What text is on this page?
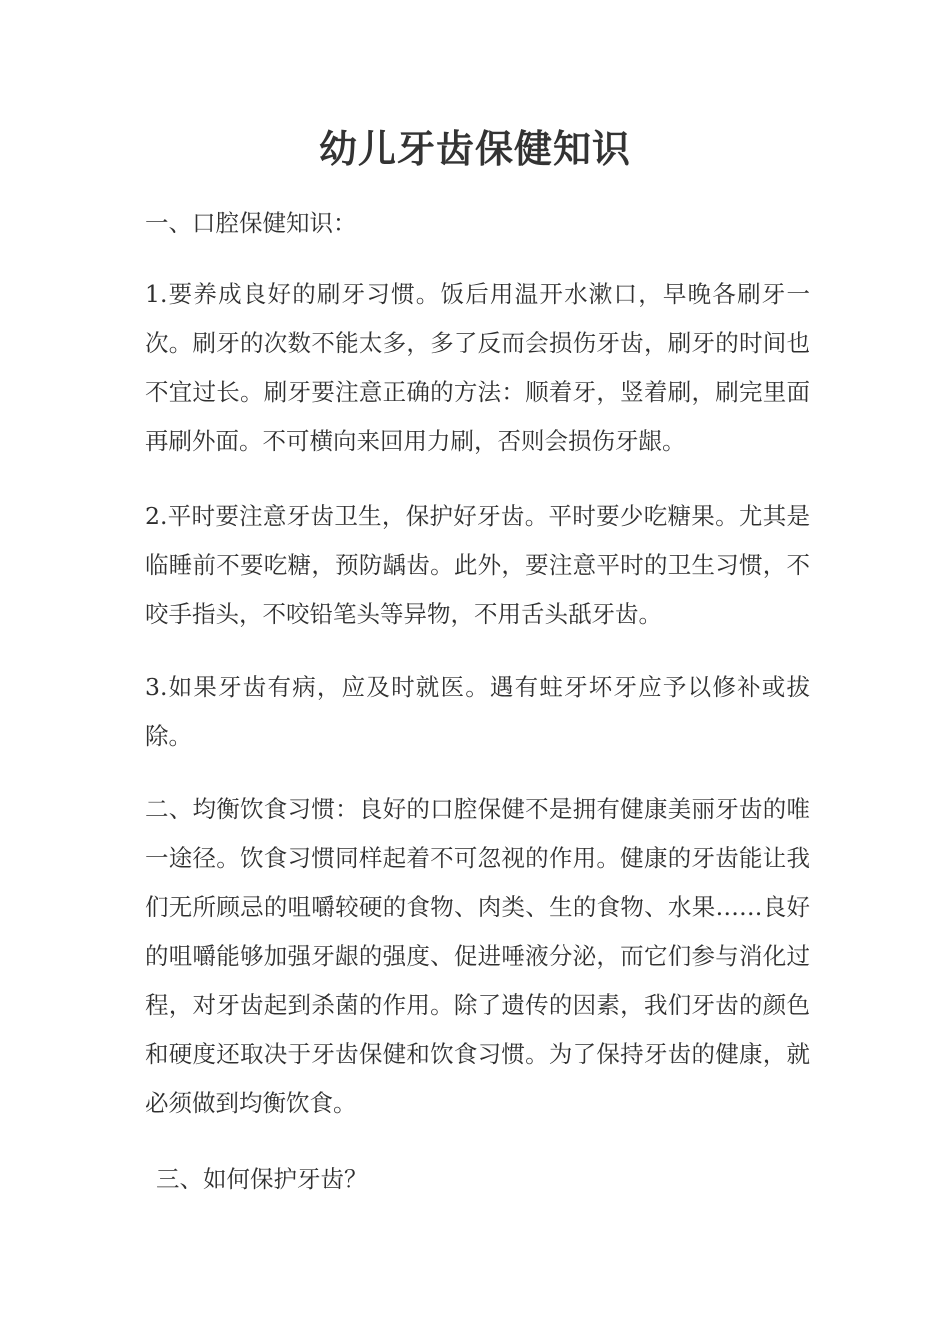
幼儿牙齿保健知识
一、口腔保健知识：
1.要养成良好的刷牙习惯。饭后用温开水漱口，早晚各刷牙一次。刷牙的次数不能太多，多了反而会损伤牙齿，刷牙的时间也不宜过长。刷牙要注意正确的方法：顺着牙，竖着刷，刷完里面再刷外面。不可横向来回用力刷，否则会损伤牙龈。
2.平时要注意牙齿卫生，保护好牙齿。平时要少吃糖果。尤其是临睡前不要吃糖，预防龋齿。此外，要注意平时的卫生习惯，不咬手指头，不咬铅笔头等异物，不用舌头舐牙齿。
3.如果牙齿有病，应及时就医。遇有蛀牙坏牙应予以修补或拔除。
二、均衡饮食习惯：良好的口腔保健不是拥有健康美丽牙齿的唯一途径。饮食习惯同样起着不可忽视的作用。健康的牙齿能让我们无所顾忌的咀嚼较硬的食物、肉类、生的食物、水果……良好的咀嚼能够加强牙龈的强度、促进唾液分泌，而它们参与消化过程，对牙齿起到杀菌的作用。除了遗传的因素，我们牙齿的颜色和硬度还取决于牙齿保健和饮食习惯。为了保持牙齿的健康，就必须做到均衡饮食。
三、如何保护牙齿？
